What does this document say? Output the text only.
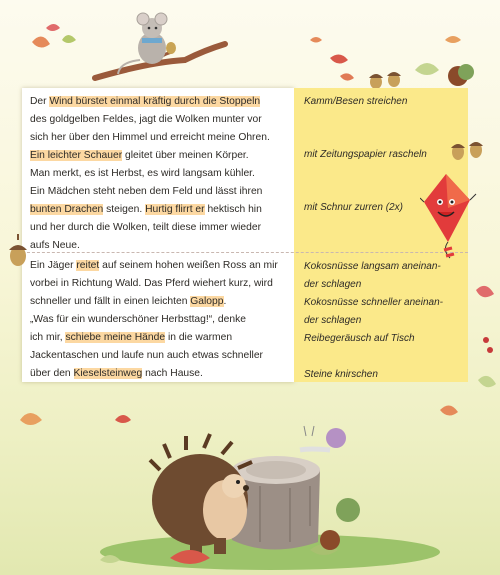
Der Wind bürstet einmal kräftig durch die Stoppeln
des goldgelben Feldes, jagt die Wolken munter vor
sich her über den Himmel und erreicht meine Ohren.
Ein leichter Schauer gleitet über meinen Körper.
Man merkt, es ist Herbst, es wird langsam kühler.
Ein Mädchen steht neben dem Feld und lässt ihren
bunten Drachen steigen. Hurtig flirrt er hektisch hin
und her durch die Wolken, teilt diese immer wieder
aufs Neue.
Ein Jäger reitet auf seinem hohen weißen Ross an mir
vorbei in Richtung Wald. Das Pferd wiehert kurz, wird
schneller und fällt in einen leichten Galopp.
„Was für ein wunderschöner Herbsttag!“, denke
ich mir, schiebe meine Hände in die warmen
Jackentaschen und laufe nun auch etwas schneller
über den Kieselsteinweg nach Hause.
Kamm/Besen streichen
mit Zeitungspapier rascheln
mit Schnur zurren (2x)
Kokosnüsse langsam aneinan-
der schlagen
Kokosnüsse schneller aneinan-
der schlagen
Reibegeräusch auf Tisch
Steine knirschen
